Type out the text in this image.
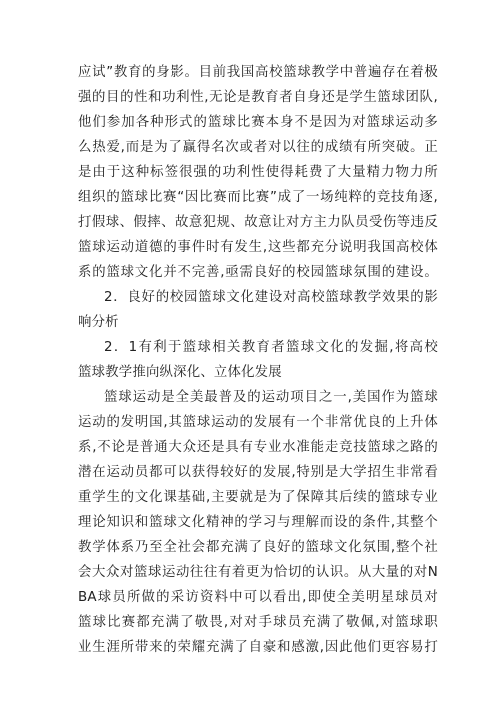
应试”教育的身影。目前我国高校篮球教学中普遍存在着极
强的目的性和功利性,无论是教育者自身还是学生篮球团队,
他们参加各种形式的篮球比赛本身不是因为对篮球运动多
么热爱,而是为了赢得名次或者对以往的成绩有所突破。正
是由于这种标签很强的功利性使得耗费了大量精力物力所
组织的篮球比赛“因比赛而比赛”成了一场纯粹的竞技角逐,
打假球、假摔、故意犯规、故意让对方主力队员受伤等违反
篮球运动道德的事件时有发生,这些都充分说明我国高校体
系的篮球文化并不完善,亟需良好的校园篮球氛围的建设。
2．良好的校园篮球文化建设对高校篮球教学效果的影
响分析
2．1有利于篮球相关教育者篮球文化的发掘,将高校
篮球教学推向纵深化、立体化发展
篮球运动是全美最普及的运动项目之一,美国作为篮球
运动的发明国,其篮球运动的发展有一个非常优良的上升体
系,不论是普通大众还是具有专业水准能走竞技篮球之路的
潜在运动员都可以获得较好的发展,特别是大学招生非常看
重学生的文化课基础,主要就是为了保障其后续的篮球专业
理论知识和篮球文化精神的学习与理解而设的条件,其整个
教学体系乃至全社会都充满了良好的篮球文化氛围,整个社
会大众对篮球运动往往有着更为恰切的认识。从大量的对N
BA球员所做的采访资料中可以看出,即使全美明星球员对
篮球比赛都充满了敬畏,对对手球员充满了敬佩,对篮球职
业生涯所带来的荣耀充满了自豪和感激,因此他们更容易打
